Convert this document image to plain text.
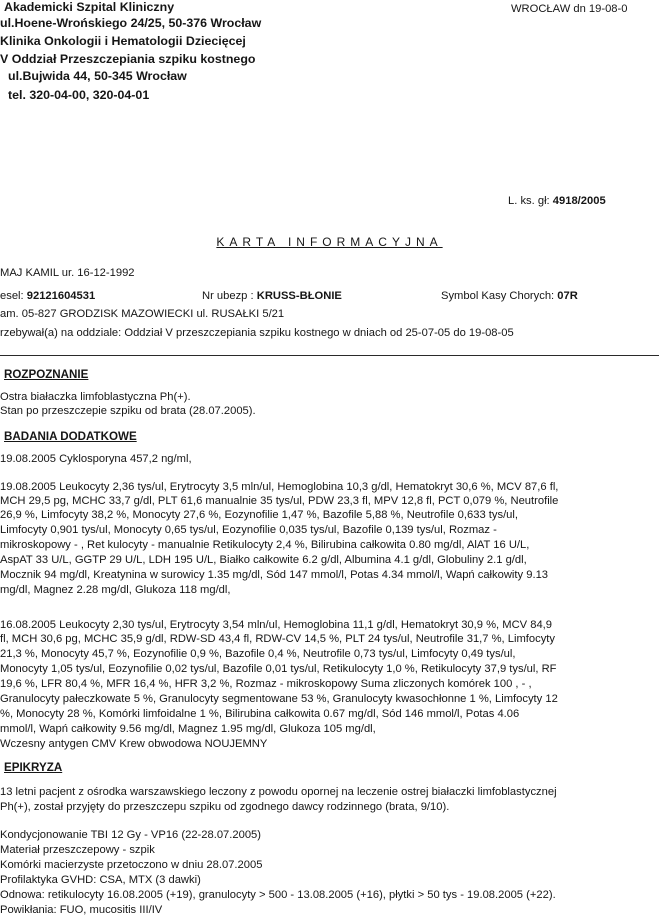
Akademicki Szpital Kliniczny
ul.Hoene-Wrońskiego 24/25, 50-376 Wrocław
Klinika Onkologii i Hematologii Dziecięcej
V Oddział Przeszczepiania szpiku kostnego
ul.Bujwida 44, 50-345 Wrocław
tel. 320-04-00, 320-04-01
WROCŁAW dn 19-08-0
L. ks. gł: 4918/2005
KARTA INFORMACYJNA
MAJ KAMIL ur. 16-12-1992
esel: 92121604531	Nr ubezp : KRUSS-BŁONIE	Symbol Kasy Chorych: 07R
am. 05-827 GRODZISK MAZOWIECKI ul. RUSAŁKI 5/21
rzebywał(a) na oddziale: Oddział V przeszczepiania szpiku kostnego w dniach od 25-07-05 do 19-08-05
ROZPOZNANIE
Ostra białaczka limfoblastyczna Ph(+).
Stan po przeszczepie szpiku od brata (28.07.2005).
BADANIA DODATKOWE
19.08.2005 Cyklosporyna 457,2 ng/ml,
19.08.2005 Leukocyty 2,36 tys/ul, Erytrocyty 3,5 mln/ul, Hemoglobina 10,3 g/dl, Hematokryt 30,6 %, MCV 87,6 fl,
MCH 29,5 pg, MCHC 33,7 g/dl, PLT 61,6 manualnie 35 tys/ul, PDW 23,3 fl, MPV 12,8 fl, PCT 0,079 %, Neutrofile
26,9 %, Limfocyty 38,2 %, Monocyty 27,6 %, Eozynofilie 1,47 %, Bazofile 5,88 %, Neutrofile 0,633 tys/ul,
Limfocyty 0,901 tys/ul, Monocyty 0,65 tys/ul, Eozynofilie 0,035 tys/ul, Bazofile 0,139 tys/ul, Rozmaz -
mikroskopowy - , Ret kulocyty - manualnie Retikulocyty 2,4 %, Bilirubina całkowita 0.80 mg/dl, AlAT 16 U/L,
AspAT 33 U/L, GGTP 29 U/L, LDH 195 U/L, Białko całkowite 6.2 g/dl, Albumina 4.1 g/dl, Globuliny 2.1 g/dl,
Mocznik 94 mg/dl, Kreatynina w surowicy 1.35 mg/dl, Sód 147 mmol/l, Potas 4.34 mmol/l, Wapń całkowity 9.13
mg/dl, Magnez 2.28 mg/dl, Glukoza 118 mg/dl,
16.08.2005 Leukocyty 2,30 tys/ul, Erytrocyty 3,54 mln/ul, Hemoglobina 11,1 g/dl, Hematokryt 30,9 %, MCV 84,9
fl, MCH 30,6 pg, MCHC 35,9 g/dl, RDW-SD 43,4 fl, RDW-CV 14,5 %, PLT 24 tys/ul, Neutrofile 31,7 %, Limfocyty
21,3 %, Monocyty 45,7 %, Eozynofilie 0,9 %, Bazofile 0,4 %, Neutrofile 0,73 tys/ul, Limfocyty 0,49 tys/ul,
Monocyty 1,05 tys/ul, Eozynofilie 0,02 tys/ul, Bazofile 0,01 tys/ul, Retikulocyty 1,0 %, Retikulocyty 37,9 tys/ul, RF
19,6 %, LFR 80,4 %, MFR 16,4 %, HFR 3,2 %, Rozmaz - mikroskopowy Suma zliczonych komórek 100 , - ,
Granulocyty pałeczkowate 5 %, Granulocyty segmentowane 53 %, Granulocyty kwasochłonne 1 %, Limfocyty 12
%, Monocyty 28 %, Komórki limfoidalne 1 %, Bilirubina całkowita 0.67 mg/dl, Sód 146 mmol/l, Potas 4.06
mmol/l, Wapń całkowity 9.56 mg/dl, Magnez 1.95 mg/dl, Glukoza 105 mg/dl,
Wczesny antygen CMV Krew obwodowa NOUJEMNY
EPIKRYZA
13 letni pacjent z ośrodka warszawskiego leczony z powodu opornej na leczenie ostrej białaczki limfoblastycznej
Ph(+), został przyjęty do przeszczepu szpiku od zgodnego dawcy rodzinnego (brata, 9/10).
Kondycjonowanie TBI 12 Gy - VP16 (22-28.07.2005)
Materiał przeszczepowy - szpik
Komórki macierzyste przetoczono w dniu 28.07.2005
Profilaktyka GVHD: CSA, MTX (3 dawki)
Odnowa: retikulocyty 16.08.2005 (+19), granulocyty > 500 - 13.08.2005 (+16), płytki > 50 tys - 19.08.2005 (+22).
Powikłania: FUO, mucositis III/IV
